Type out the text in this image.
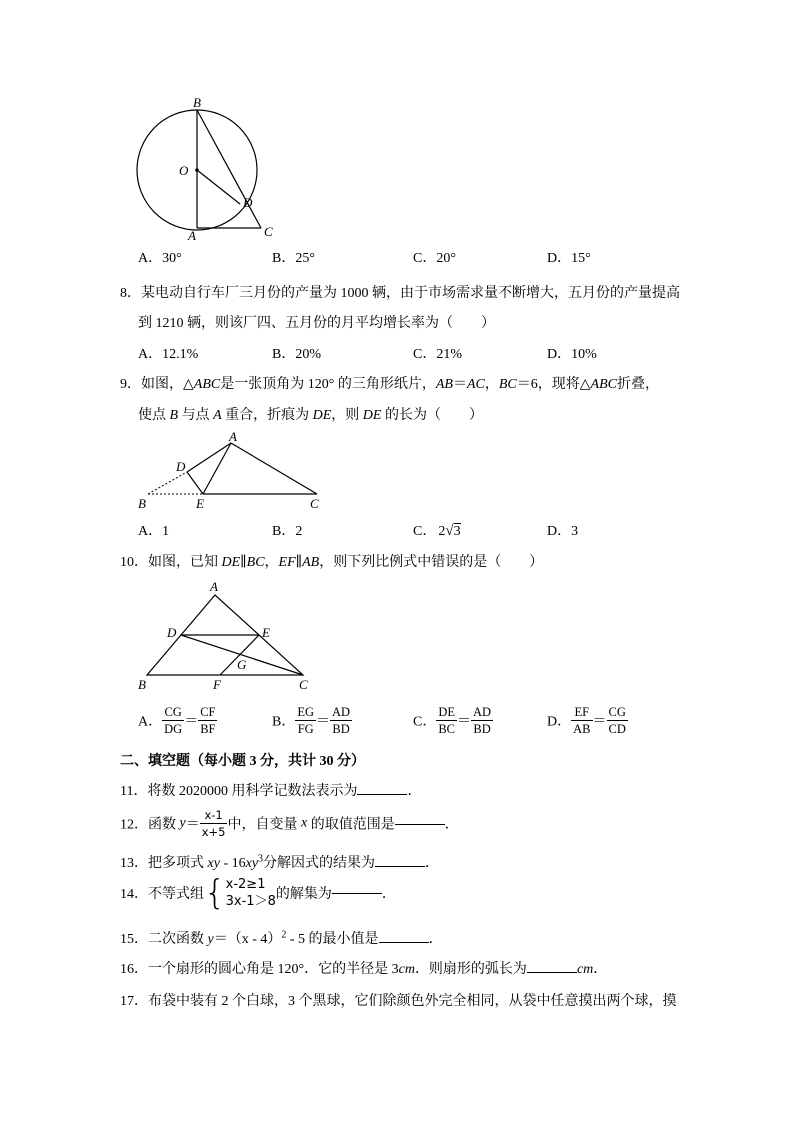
B
O
D
A	C
A．30°	B．25°	C．20°	D．15°
8．某电动自行车厂三月份的产量为 1000 辆，由于市场需求量不断增大，五月份的产量提高
到 1210 辆，则该厂四、五月份的月平均增长率为（　　）
A．12.1%	B．20%	C．21%	D．10%
9．如图，△ABC是一张顶角为 120° 的三角形纸片，AB＝AC，BC＝6，现将△ABC折叠，
使点 B 与点 A 重合，折痕为 DE，则 DE 的长为（　　）
A
D
B	E	C
A．1	B．2	C． 2√3	D．3
10．如图，已知 DE∥BC，EF∥AB，则下列比例式中错误的是（　　）
A
D	E
G
B	F	C
A． $\frac{CG}{DG} = \frac{CF}{BF}$	B． $\frac{EG}{FG} = \frac{AD}{BD}$	C． $\frac{DE}{BC} = \frac{AD}{BD}$	D． $\frac{EF}{AB} = \frac{CG}{CD}$
二、填空题（每小题 3 分，共计 30 分）
11．将数 2020000 用科学记数法表示为	．
12．函数 $y= \frac{x-1}{x+5}$ 中，自变量 x 的取值范围是	．
13．把多项式 xy - $16xy^3$分解因式的结果为	．
14．不等式组{ x-2≥1
3x-1＞8 的解集为	．
15．二次函数 y＝（x - 4）$^2$ - 5 的最小值是	．
16．一个扇形的圆心角是 120°．它的半径是 3cm．则扇形的弧长为	cm．
17．布袋中装有 2 个白球，3 个黑球，它们除颜色外完全相同，从袋中任意摸出两个球，摸
